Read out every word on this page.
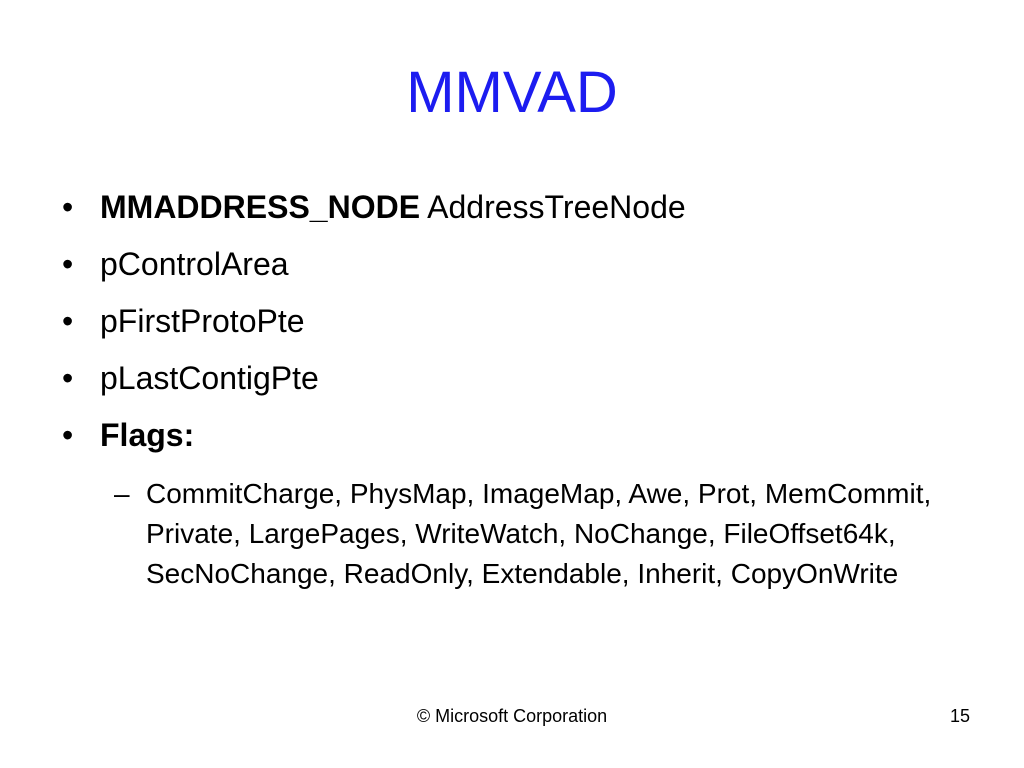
MMVAD
• MMADDRESS_NODE AddressTreeNode
• pControlArea
• pFirstProtoPte
• pLastContigPte
• Flags:
– CommitCharge, PhysMap, ImageMap, Awe, Prot, MemCommit, Private, LargePages, WriteWatch, NoChange, FileOffset64k, SecNoChange, ReadOnly, Extendable, Inherit, CopyOnWrite
© Microsoft Corporation	15
